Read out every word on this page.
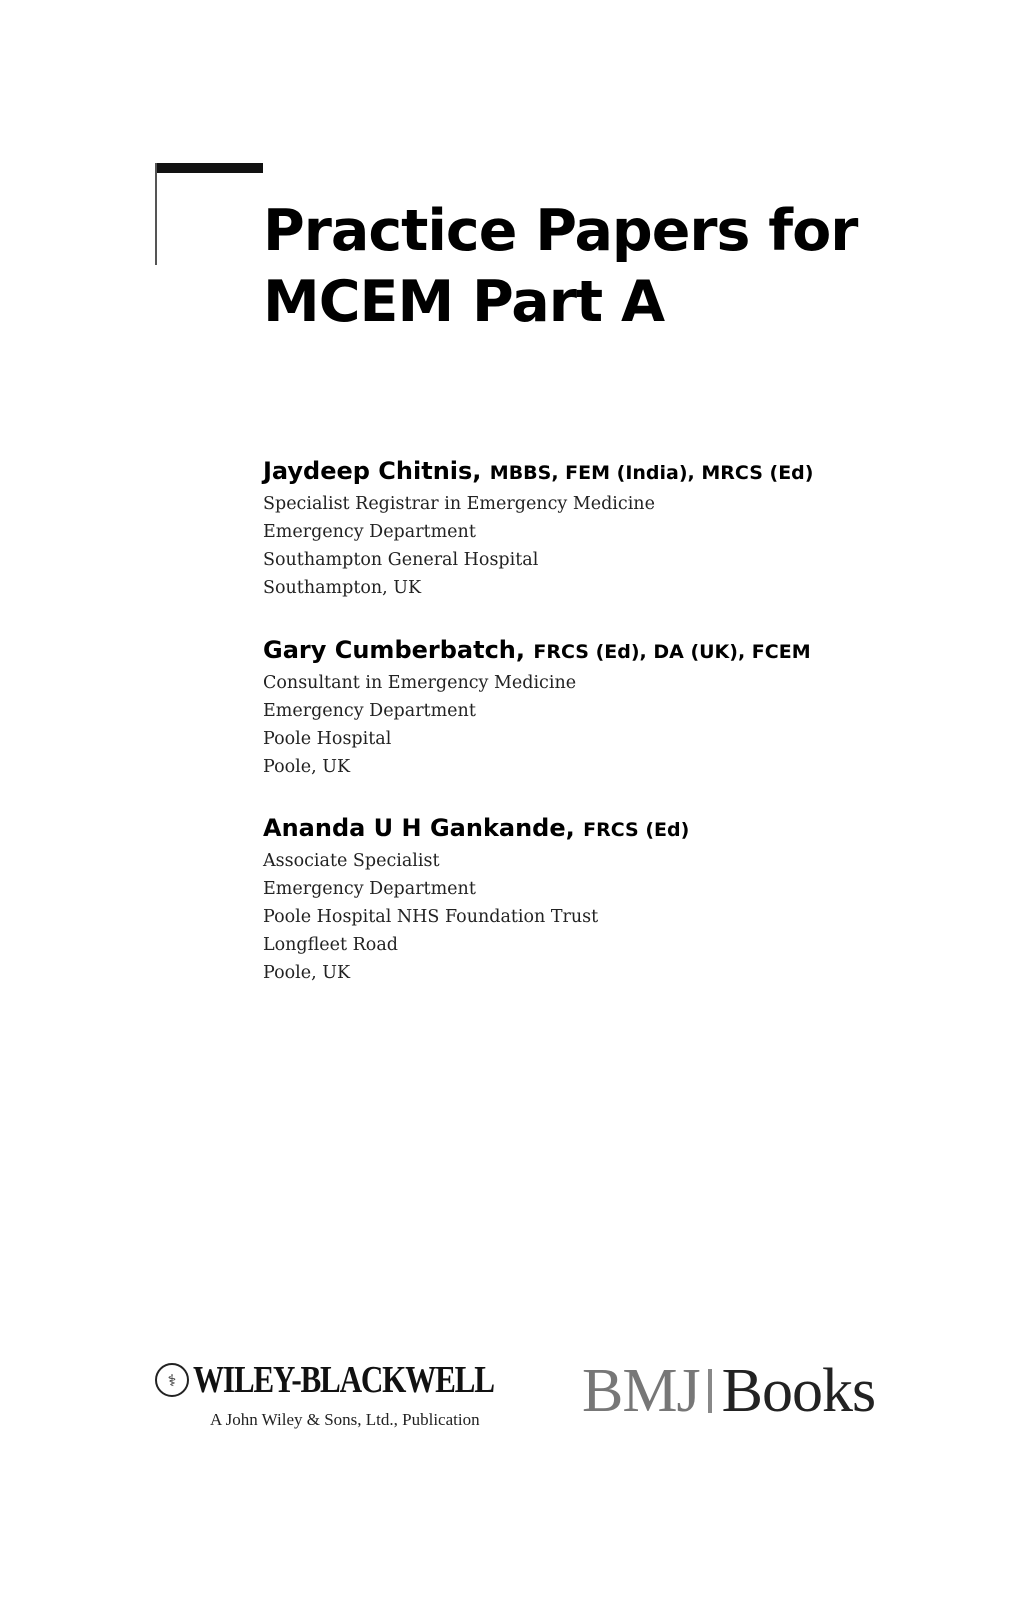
Practice Papers for
MCEM Part A
Jaydeep Chitnis, MBBS, FEM (India), MRCS (Ed)
Specialist Registrar in Emergency Medicine
Emergency Department
Southampton General Hospital
Southampton, UK
Gary Cumberbatch, FRCS (Ed), DA (UK), FCEM
Consultant in Emergency Medicine
Emergency Department
Poole Hospital
Poole, UK
Ananda U H Gankande, FRCS (Ed)
Associate Specialist
Emergency Department
Poole Hospital NHS Foundation Trust
Longfleet Road
Poole, UK
⚕ WILEY-BLACKWELL
A John Wiley & Sons, Ltd., Publication BMJ Books
